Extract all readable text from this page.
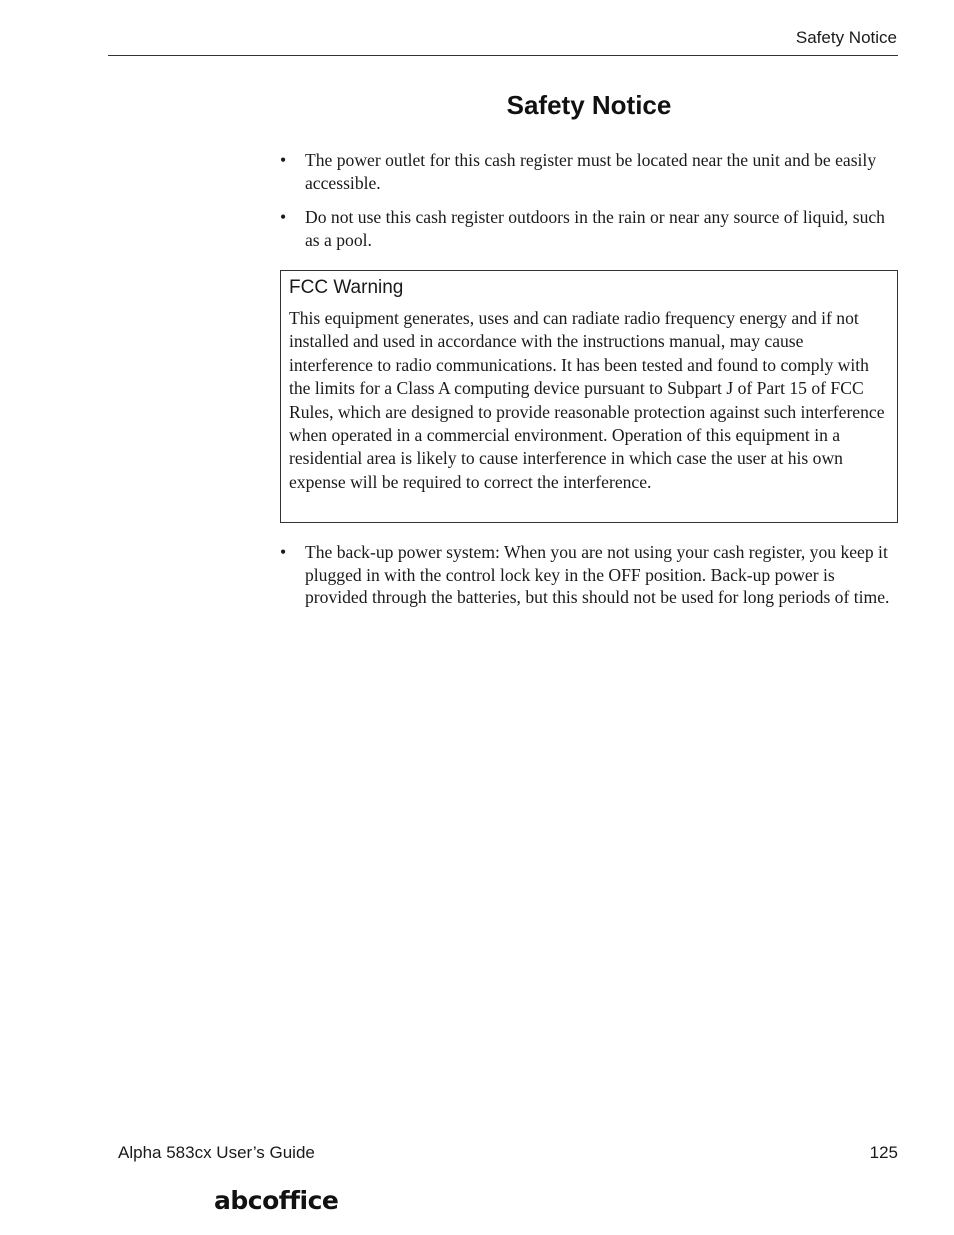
Safety Notice
Safety Notice
• The power outlet for this cash register must be located near the unit and be easily accessible.
• Do not use this cash register outdoors in the rain or near any source of liquid, such as a pool.

FCC Warning

This equipment generates, uses and can radiate radio frequency energy and if not installed and used in accordance with the instructions manual, may cause interference to radio communications. It has been tested and found to comply with the limits for a Class A computing device pursuant to Subpart J of Part 15 of FCC Rules, which are designed to provide reasonable protection against such interference when operated in a commercial environment. Operation of this equipment in a residential area is likely to cause interference in which case the user at his own expense will be required to correct the interference.

• The back-up power system: When you are not using your cash register, you keep it plugged in with the control lock key in the OFF position. Back-up power is provided through the batteries, but this should not be used for long periods of time.
Alpha 583cx User’s Guide	125
abcoffice
